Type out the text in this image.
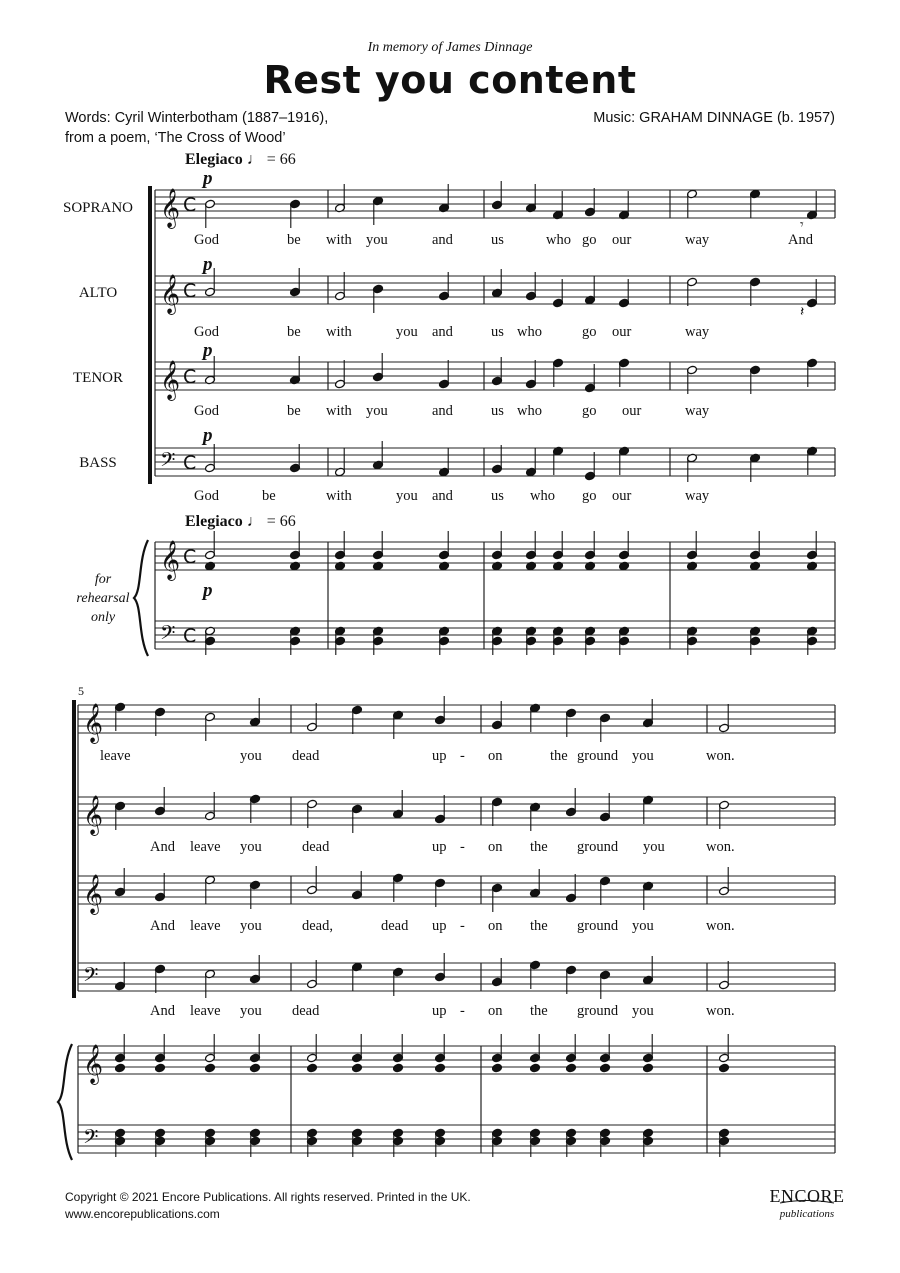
In memory of James Dinnage
Rest you content
Words: Cyril Winterbotham (1887–1916),
from a poem, ‘The Cross of Wood’
Music: GRAHAM DINNAGE (b. 1957)
Elegiaco ♩ = 66
Elegiaco ♩ = 66
SOPRANO
ALTO
TENOR
BASS
for
rehearsal
only
p
p
p
p
p
5
God	be with you	and	us	who go our	way	And
God	be with	you and	us who	go our	way
God	be with you	and	us who	go our	way
God	be	with	you and	us who go our	way
leave	you dead	up - on	the ground you	won.
And leave you	dead	up - on the ground you	won.
And leave you	dead,	dead up - on the ground you	won.
And leave you dead	up - on the ground you	won.
𝄞 C
𝄞 C
𝄞 C
𝄢 C
𝄞 C
𝄢 C
𝄾
𝄽
𝄞
𝄞
𝄞
𝄢
𝄞
𝄢
Copyright © 2021 Encore Publications. All rights reserved. Printed in the UK.
www.encorepublications.com
ENCORE
publications
